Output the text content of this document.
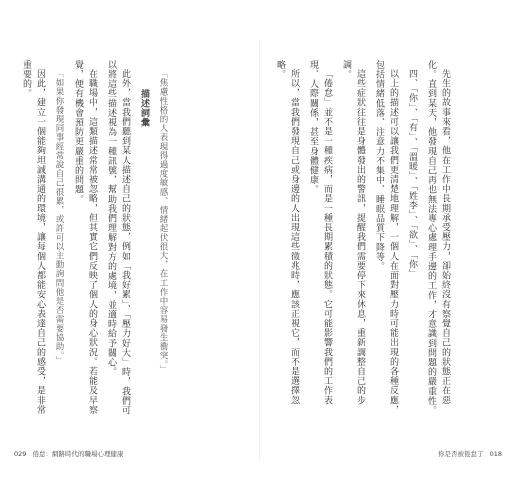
「焦慮性格的人表現得過度敏感、情緒起伏很大，在工作中容易發生衝突。」

描述詞彙

此外，當我們聽到某人描述自己的狀態，例如「我好累」、「壓力好大」時，我們可以將這些描述視為一種訊號，幫助我們理解對方的處境，並適時給予關心。

在職場中，這類描述常常被忽略，但其實它們反映了個人的身心狀況。若能及早察覺，便有機會預防更嚴重的問題。

「如果你發現同事經常說自己很累，或許可以主動詢問他是否需要協助。」

因此，建立一個能夠坦誠溝通的環境，讓每個人都能安心表達自己的感受，是非常重要的。	先生的故事來看，他在工作中長期承受壓力，卻始終沒有察覺自己的狀態正在惡化。直到某天，他發現自己再也無法專心處理手邊的工作，才意識到問題的嚴重性。

四、「你」、「有」、「溫暖」、「姓李」、「欲」、「你」

以上的描述可以讓我們更清楚地理解，一個人在面對壓力時可能出現的各種反應，包括情緒低落、注意力不集中、睡眠品質下降等。

這些症狀往往是身體發出的警訊，提醒我們需要停下來休息，重新調整自己的步調。

「倦怠」並不是一種疾病，而是一種長期累積的狀態。它可能影響我們的工作表現、人際關係，甚至身體健康。

所以，當我們發現自己或身邊的人出現這些徵兆時，應該正視它，而不是選擇忽略。

029 倦怠：網路時代的職場心理健康	你是否被倦怠了 018
